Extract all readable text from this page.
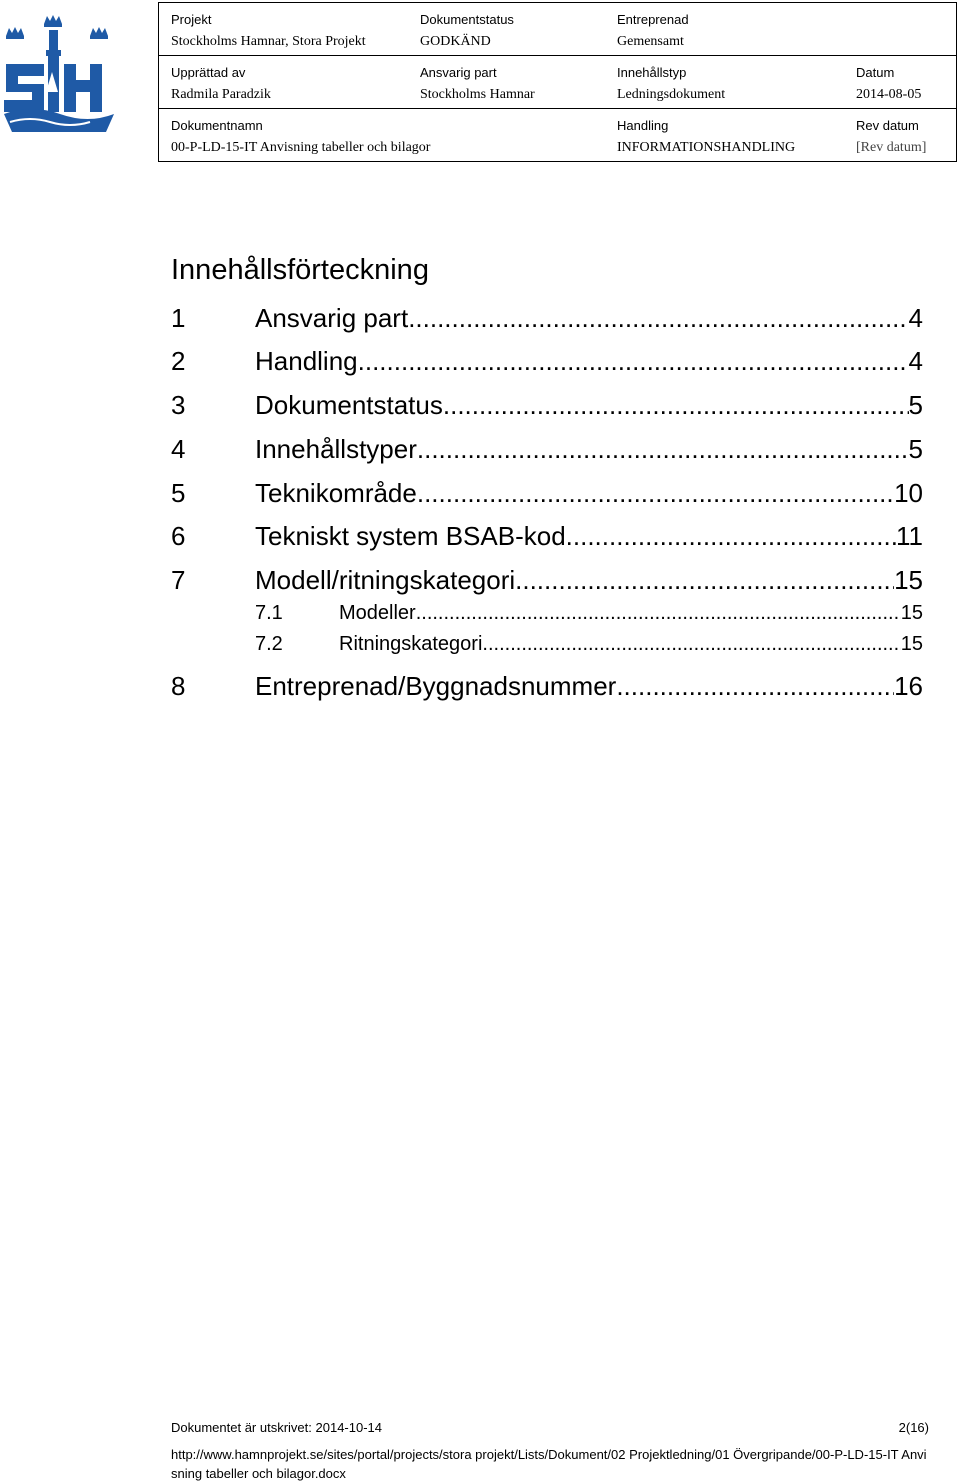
Projekt
Stockholms Hamnar, Stora Projekt
Dokumentstatus
GODKÄND
Entreprenad
Gemensamt
Upprättad av
Radmila Paradzik
Ansvarig part
Stockholms Hamnar
Innehållstyp
Ledningsdokument
Datum
2014-08-05
Dokumentnamn
00-P-LD-15-IT Anvisning tabeller och bilagor
Handling
INFORMATIONSHANDLING
Rev datum
[Rev datum]
Innehållsförteckning
1	Ansvarig part .....	4
2	Handling .....	4
3	Dokumentstatus .....	5
4	Innehållstyper .....	5
5	Teknikområde .....	10
6	Tekniskt system BSAB-kod .....	11
7	Modell/ritningskategori .....	15
7.1	Modeller .....	15
7.2	Ritningskategori .....	15
8	Entreprenad/Byggnadsnummer .....	16
Dokumentet är utskrivet: 2014-10-14	2(16)
http://www.hamnprojekt.se/sites/portal/projects/stora projekt/Lists/Dokument/02 Projektledning/01 Övergripande/00-P-LD-15-IT Anvisning tabeller och bilagor.docx
